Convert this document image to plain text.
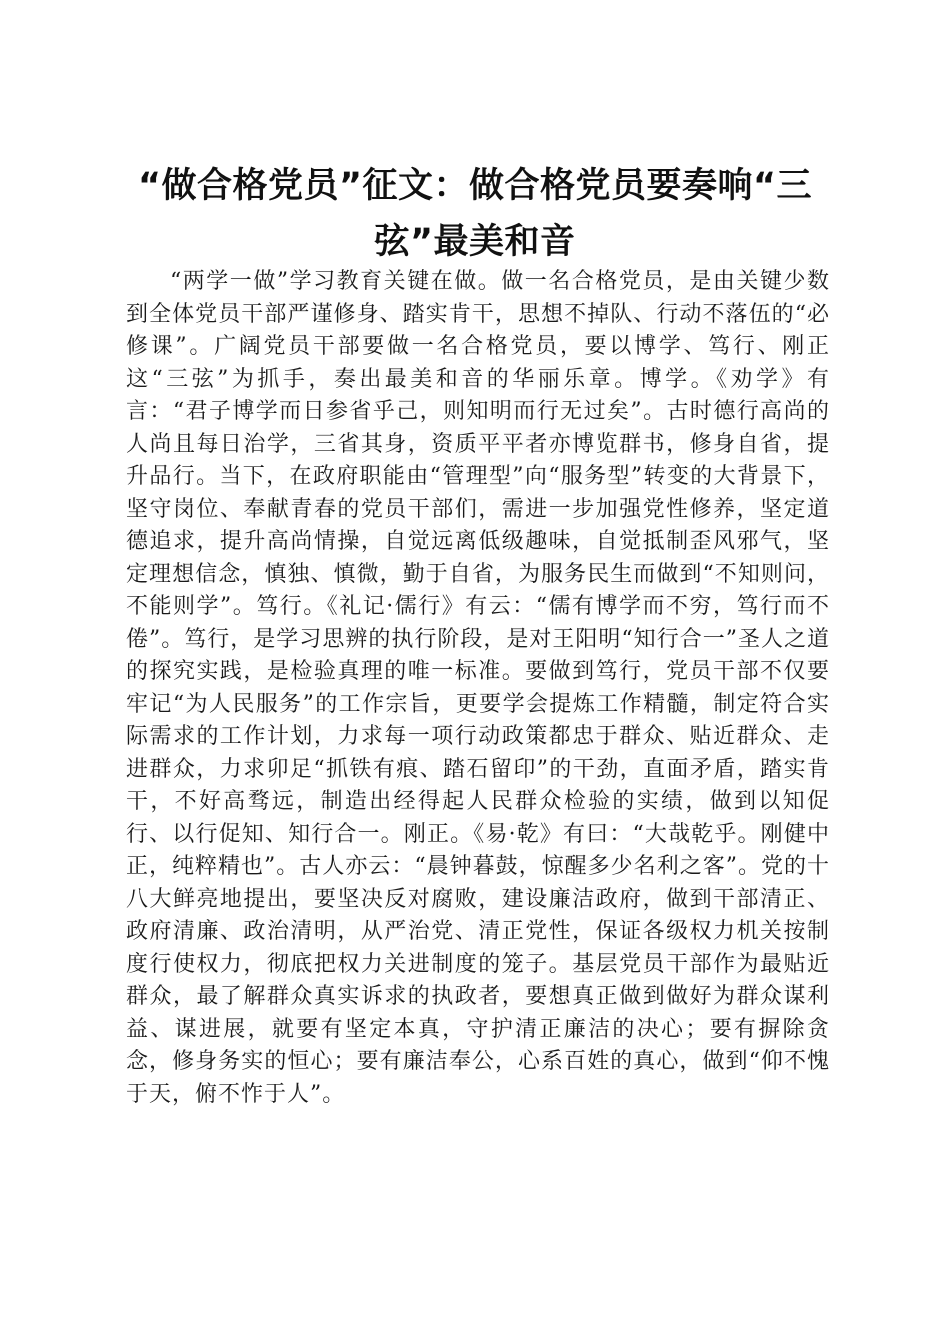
“做合格党员”征文：做合格党员要奏响“三弦”最美和音

“两学一做”学习教育关键在做。做一名合格党员，是由关键少数到全体党员干部严谨修身、踏实肯干，思想不掉队、行动不落伍的“必修课”。广阔党员干部要做一名合格党员，要以博学、笃行、刚正这“三弦”为抓手，奏出最美和音的华丽乐章。博学。《劝学》有言：“君子博学而日参省乎己，则知明而行无过矣”。古时德行高尚的人尚且每日治学，三省其身，资质平平者亦博览群书，修身自省，提升品行。当下，在政府职能由“管理型”向“服务型”转变的大背景下，坚守岗位、奉献青春的党员干部们，需进一步加强党性修养，坚定道德追求，提升高尚情操，自觉远离低级趣味，自觉抵制歪风邪气，坚定理想信念，慎独、慎微，勤于自省，为服务民生而做到“不知则问，不能则学”。笃行。《礼记·儒行》有云：“儒有博学而不穷，笃行而不倦”。笃行，是学习思辨的执行阶段，是对王阳明“知行合一”圣人之道的探究实践，是检验真理的唯一标准。要做到笃行，党员干部不仅要牢记“为人民服务”的工作宗旨，更要学会提炼工作精髓，制定符合实际需求的工作计划，力求每一项行动政策都忠于群众、贴近群众、走进群众，力求卯足“抓铁有痕、踏石留印”的干劲，直面矛盾，踏实肯干，不好高骛远，制造出经得起人民群众检验的实绩，做到以知促行、以行促知、知行合一。刚正。《易·乾》有曰：“大哉乾乎。刚健中正，纯粹精也”。古人亦云：“晨钟暮鼓，惊醒多少名利之客”。党的十八大鲜亮地提出，要坚决反对腐败，建设廉洁政府，做到干部清正、政府清廉、政治清明，从严治党、清正党性，保证各级权力机关按制度行使权力，彻底把权力关进制度的笼子。基层党员干部作为最贴近群众，最了解群众真实诉求的执政者，要想真正做到做好为群众谋利益、谋进展，就要有坚定本真，守护清正廉洁的决心；要有摒除贪念，修身务实的恒心；要有廉洁奉公，心系百姓的真心，做到“仰不愧于天，俯不怍于人”。
